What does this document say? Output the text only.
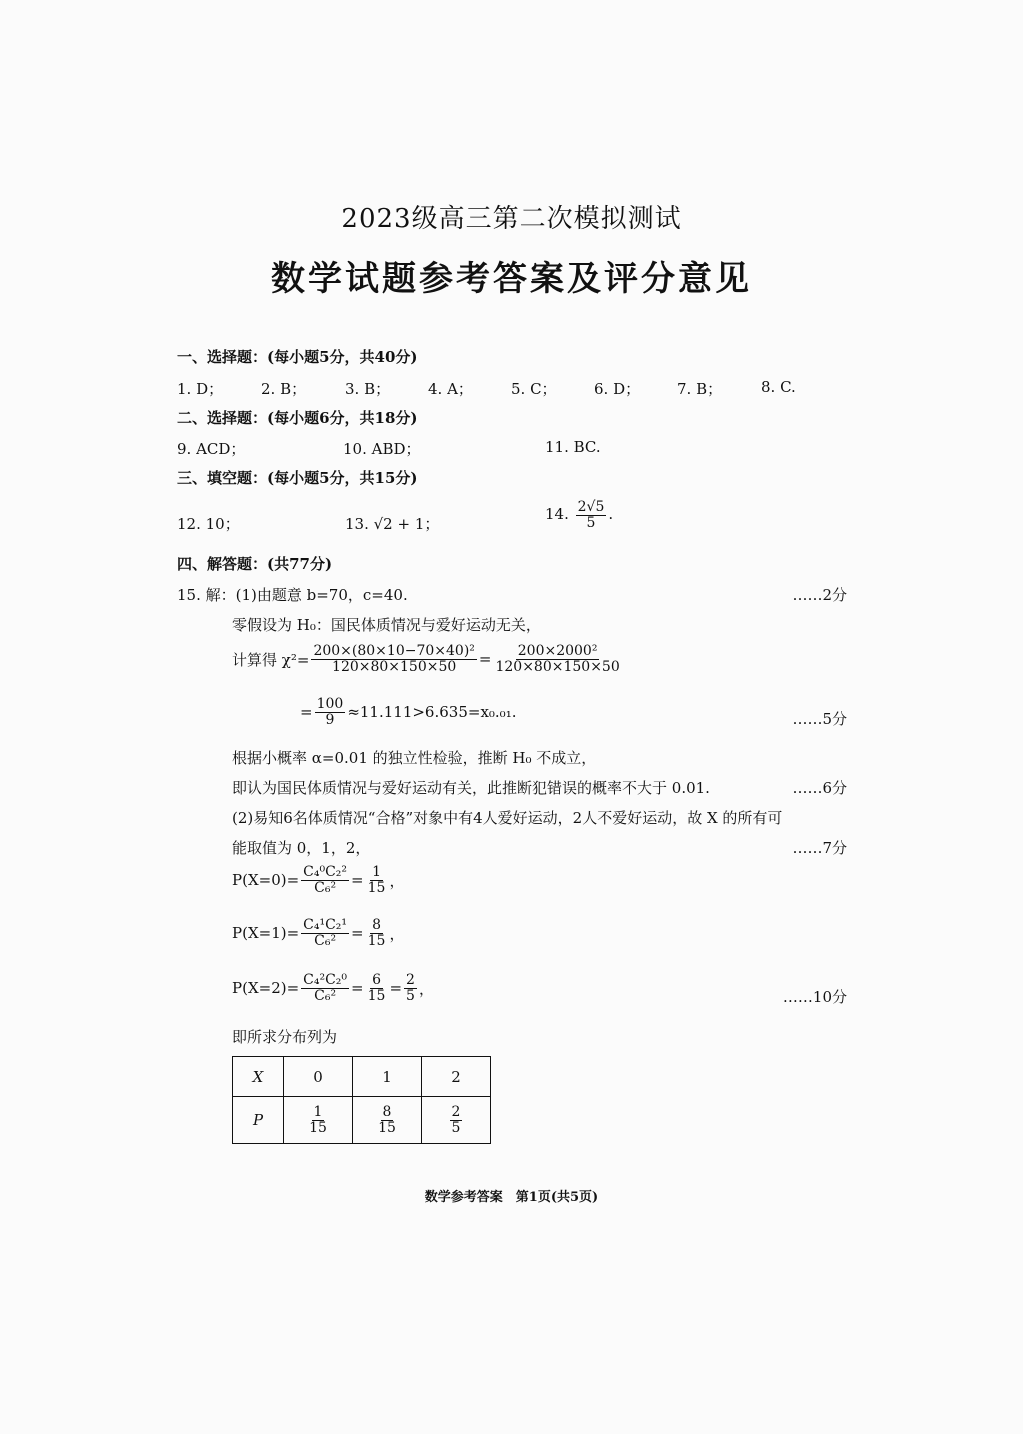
2023级高三第二次模拟测试
数学试题参考答案及评分意见
一、选择题：(每小题5分，共40分)
1. D；	2. B；	3. B；	4. A；	5. C； 6. D； 7. B；	8. C.
二、选择题：(每小题6分，共18分)
9. ACD；	10. ABD；	11. BC.
三、填空题：(每小题5分，共15分)
12. 10；	13. √2 + 1；
14. $\frac{2√5}{5}$ .
四、解答题：(共77分)
15. 解：(1)由题意 b=70，c=40.	……2分
零假设为 H₀：国民体质情况与爱好运动无关，
计算得 $\chi^2= \frac{\text{200×(80×10−70×40)²}}{120\times 80\times 150\times 50} = \frac{\text{200×2000²}}{120\times 80\times 150\times 50}$
= $\frac{100}{9} \approx 11.111>6.635=x_0._{01}$.	……5分
根据小概率 α=0.01 的独立性检验，推断 H₀ 不成立，
即认为国民体质情况与爱好运动有关，此推断犯错误的概率不大于 0.01.	……6分
(2)易知6名体质情况“合格”对象中有4人爱好运动，2人不爱好运动，故 X 的所有可
能取值为 0，1，2，	……7分
$P(X=0)= \frac{\text{C₄⁰C₂²}}{\text{C₆²}} = \frac{1}{15}$ ，
$P(X=1)= \frac{\text{C₄¹C₂¹}}{\text{C₆²}} = \frac{8}{15}$ ，
$P(X=2)= \frac{\text{C₄²C₂⁰}}{\text{C₆²}} = \frac{6}{15} = \frac{2}{5}$ ，	……10分
即所求分布列为
X	0	1	2
P	$\frac{1}{15}$	$\frac{8}{15}$	$\frac{2}{5}$
数学参考答案　第1页(共5页)
